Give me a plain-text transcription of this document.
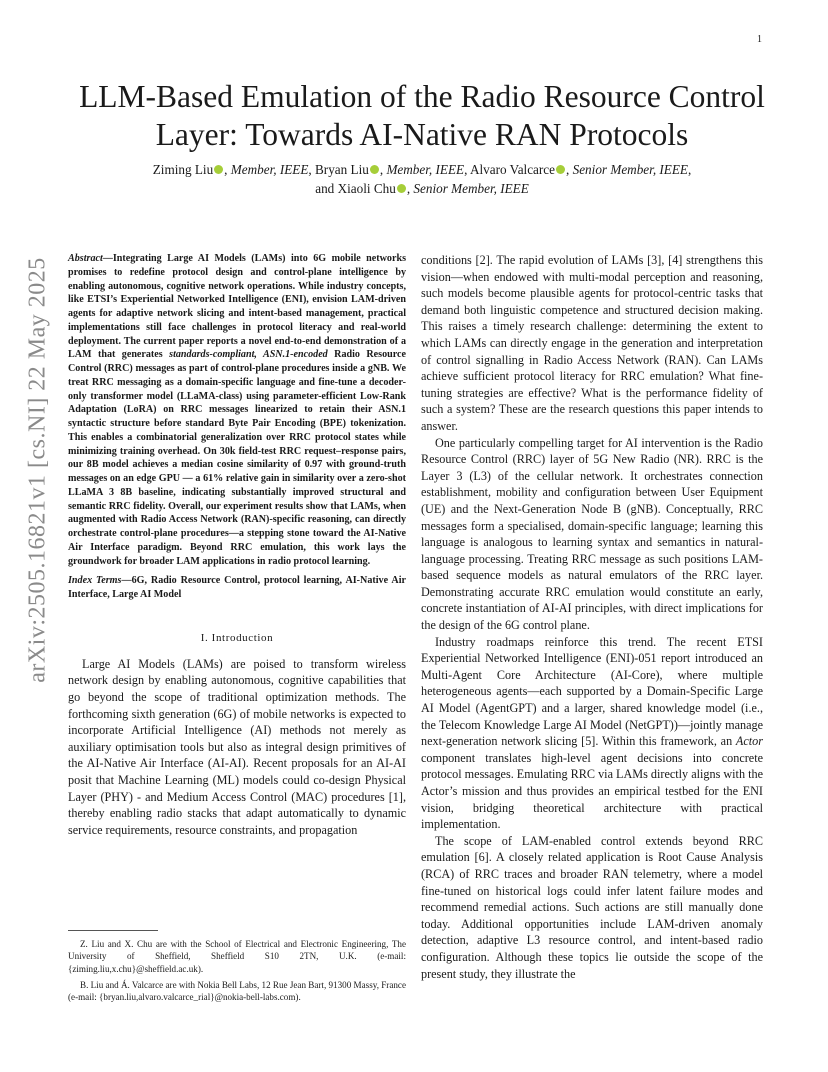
1
arXiv:2505.16821v1 [cs.NI] 22 May 2025
LLM-Based Emulation of the Radio Resource Control Layer: Towards AI-Native RAN Protocols
Ziming Liu , Member, IEEE, Bryan Liu , Member, IEEE, Alvaro Valcarce , Senior Member, IEEE,
and Xiaoli Chu , Senior Member, IEEE

Abstract—Integrating Large AI Models (LAMs) into 6G mobile networks promises to redefine protocol design and control-plane intelligence by enabling autonomous, cognitive network operations. While industry concepts, like ETSI’s Experiential Networked Intelligence (ENI), envision LAM-driven agents for adaptive network slicing and intent-based management, practical implementations still face challenges in protocol literacy and real-world deployment. The current paper reports a novel end-to-end demonstration of a LAM that generates standards-compliant, ASN.1-encoded Radio Resource Control (RRC) messages as part of control-plane procedures inside a gNB. We treat RRC messaging as a domain-specific language and fine-tune a decoder-only transformer model (LLaMA-class) using parameter-efficient Low-Rank Adaptation (LoRA) on RRC messages linearized to retain their ASN.1 syntactic structure before standard Byte Pair Encoding (BPE) tokenization. This enables a combinatorial generalization over RRC protocol states while minimizing training overhead. On 30k field-test RRC request–response pairs, our 8B model achieves a median cosine similarity of 0.97 with ground-truth messages on an edge GPU — a 61% relative gain in similarity over a zero-shot LLaMA 3 8B baseline, indicating substantially improved structural and semantic RRC fidelity. Overall, our experiment results show that LAMs, when augmented with Radio Access Network (RAN)-specific reasoning, can directly orchestrate control-plane procedures—a stepping stone toward the AI-Native Air Interface paradigm. Beyond RRC emulation, this work lays the groundwork for broader LAM applications in radio protocol learning.

Index Terms—6G, Radio Resource Control, protocol learning, AI-Native Air Interface, Large AI Model

I. Introduction

Large AI Models (LAMs) are poised to transform wireless network design by enabling autonomous, cognitive capabilities that go beyond the scope of traditional optimization methods. The forthcoming sixth generation (6G) of mobile networks is expected to incorporate Artificial Intelligence (AI) methods not merely as auxiliary optimisation tools but also as integral design primitives of the AI-Native Air Interface (AI-AI). Recent proposals for an AI-AI posit that Machine Learning (ML) models could co-design Physical Layer (PHY) - and Medium Access Control (MAC) procedures [1], thereby enabling radio stacks that adapt automatically to dynamic service requirements, resource constraints, and propagation

conditions [2]. The rapid evolution of LAMs [3], [4] strengthens this vision—when endowed with multi-modal perception and reasoning, such models become plausible agents for protocol-centric tasks that demand both linguistic competence and structured decision making. This raises a timely research challenge: determining the extent to which LAMs can directly engage in the generation and interpretation of control signalling in Radio Access Network (RAN). Can LAMs achieve sufficient protocol literacy for RRC emulation? What fine-tuning strategies are effective? What is the performance fidelity of such a system? These are the research questions this paper intends to answer.

One particularly compelling target for AI intervention is the Radio Resource Control (RRC) layer of 5G New Radio (NR). RRC is the Layer 3 (L3) of the cellular network. It orchestrates connection establishment, mobility and configuration between User Equipment (UE) and the Next-Generation Node B (gNB). Conceptually, RRC messages form a specialised, domain-specific language; learning this language is analogous to learning syntax and semantics in natural-language processing. Treating RRC message as such positions LAM-based sequence models as natural emulators of the RRC layer. Demonstrating accurate RRC emulation would constitute an early, concrete instantiation of AI-AI principles, with direct implications for the design of the 6G control plane.

Industry roadmaps reinforce this trend. The recent ETSI Experiential Networked Intelligence (ENI)-051 report introduced an Multi-Agent Core Architecture (AI-Core), where multiple heterogeneous agents—each supported by a Domain-Specific Large AI Model (AgentGPT) and a larger, shared knowledge model (i.e., the Telecom Knowledge Large AI Model (NetGPT))—jointly manage next-generation network slicing [5]. Within this framework, an Actor component translates high-level agent decisions into concrete protocol messages. Emulating RRC via LAMs directly aligns with the Actor’s mission and thus provides an empirical testbed for the ENI vision, bridging theoretical architecture with practical implementation.

The scope of LAM-enabled control extends beyond RRC emulation [6]. A closely related application is Root Cause Analysis (RCA) of RRC traces and broader RAN telemetry, where a model fine-tuned on historical logs could infer latent failure modes and recommend remedial actions. Such actions are still manually done today. Additional opportunities include LAM-driven anomaly detection, adaptive L3 resource control, and intent-based radio configuration. Although these topics lie outside the scope of the present study, they illustrate the

Z. Liu and X. Chu are with the School of Electrical and Electronic Engineering, The University of Sheffield, Sheffield S10 2TN, U.K. (e-mail: {ziming.liu,x.chu}@sheffield.ac.uk).

B. Liu and Á. Valcarce are with Nokia Bell Labs, 12 Rue Jean Bart, 91300 Massy, France (e-mail: {bryan.liu,alvaro.valcarce_rial}@nokia-bell-labs.com).
